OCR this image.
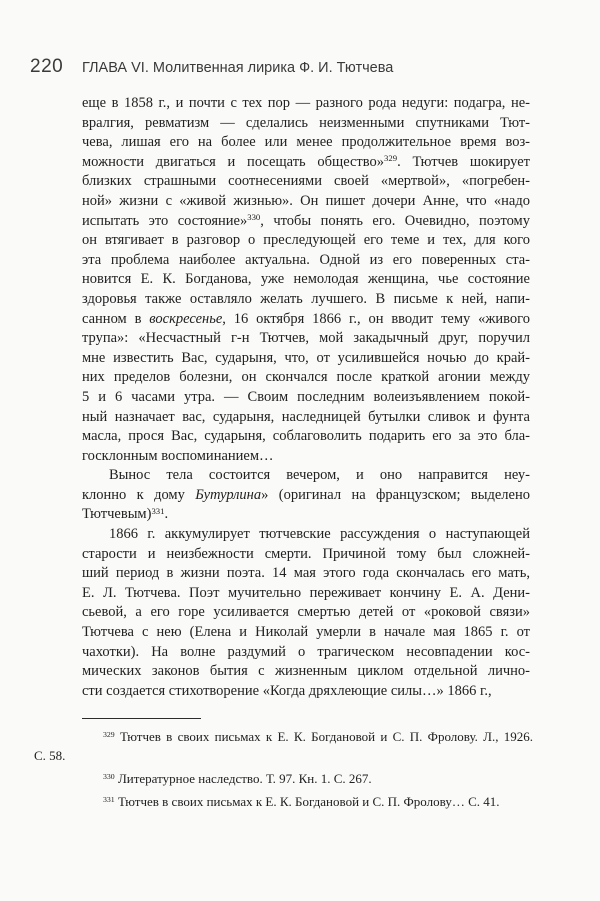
220 ГЛАВА VI. Молитвенная лирика Ф. И. Тютчева
еще в 1858 г., и почти с тех пор — разного рода недуги: подагра, не-
вралгия, ревматизм — сделались неизменными спутниками Тют-
чева, лишая его на более или менее продолжительное время воз-
можности двигаться и посещать общество»$^{329}$. Тютчев шокирует
близких страшными соотнесениями своей «мертвой», «погребен-
ной» жизни с «живой жизнью». Он пишет дочери Анне, что «надо
испытать это состояние»$^{330}$, чтобы понять его. Очевидно, поэтому
он втягивает в разговор о преследующей его теме и тех, для кого
эта проблема наиболее актуальна. Одной из его поверенных ста-
новится Е. К. Богданова, уже немолодая женщина, чье состояние
здоровья также оставляло желать лучшего. В письме к ней, напи-
санном в воскресенье, 16 октября 1866 г., он вводит тему «живого
трупа»: «Несчастный г-н Тютчев, мой закадычный друг, поручил
мне известить Вас, сударыня, что, от усилившейся ночью до край-
них пределов болезни, он скончался после краткой агонии между
5 и 6 часами утра. — Своим последним волеизъявлением покой-
ный назначает вас, сударыня, наследницей бутылки сливок и фунта
масла, прося Вас, сударыня, соблаговолить подарить его за это бла-
госклонным воспоминанием…
Вынос тела состоится вечером, и оно направится неу-
клонно к дому Бутурлина» (оригинал на французском; выделено
Тютчевым)$^{331}$.
1866 г. аккумулирует тютчевские рассуждения о наступающей
старости и неизбежности смерти. Причиной тому был сложней-
ший период в жизни поэта. 14 мая этого года скончалась его мать,
Е. Л. Тютчева. Поэт мучительно переживает кончину Е. А. Дени-
сьевой, а его горе усиливается смертью детей от «роковой связи»
Тютчева с нею (Елена и Николай умерли в начале мая 1865 г. от
чахотки). На волне раздумий о трагическом несовпадении кос-
мических законов бытия с жизненным циклом отдельной лично-
сти создается стихотворение «Когда дряхлеющие силы…» 1866 г.,
$^{329}$ Тютчев в своих письмах к Е. К. Богдановой и С. П. Фролову. Л., 1926.
С. 58.
$^{330}$ Литературное наследство. Т. 97. Кн. 1. С. 267.
$^{331}$ Тютчев в своих письмах к Е. К. Богдановой и С. П. Фролову… С. 41.
